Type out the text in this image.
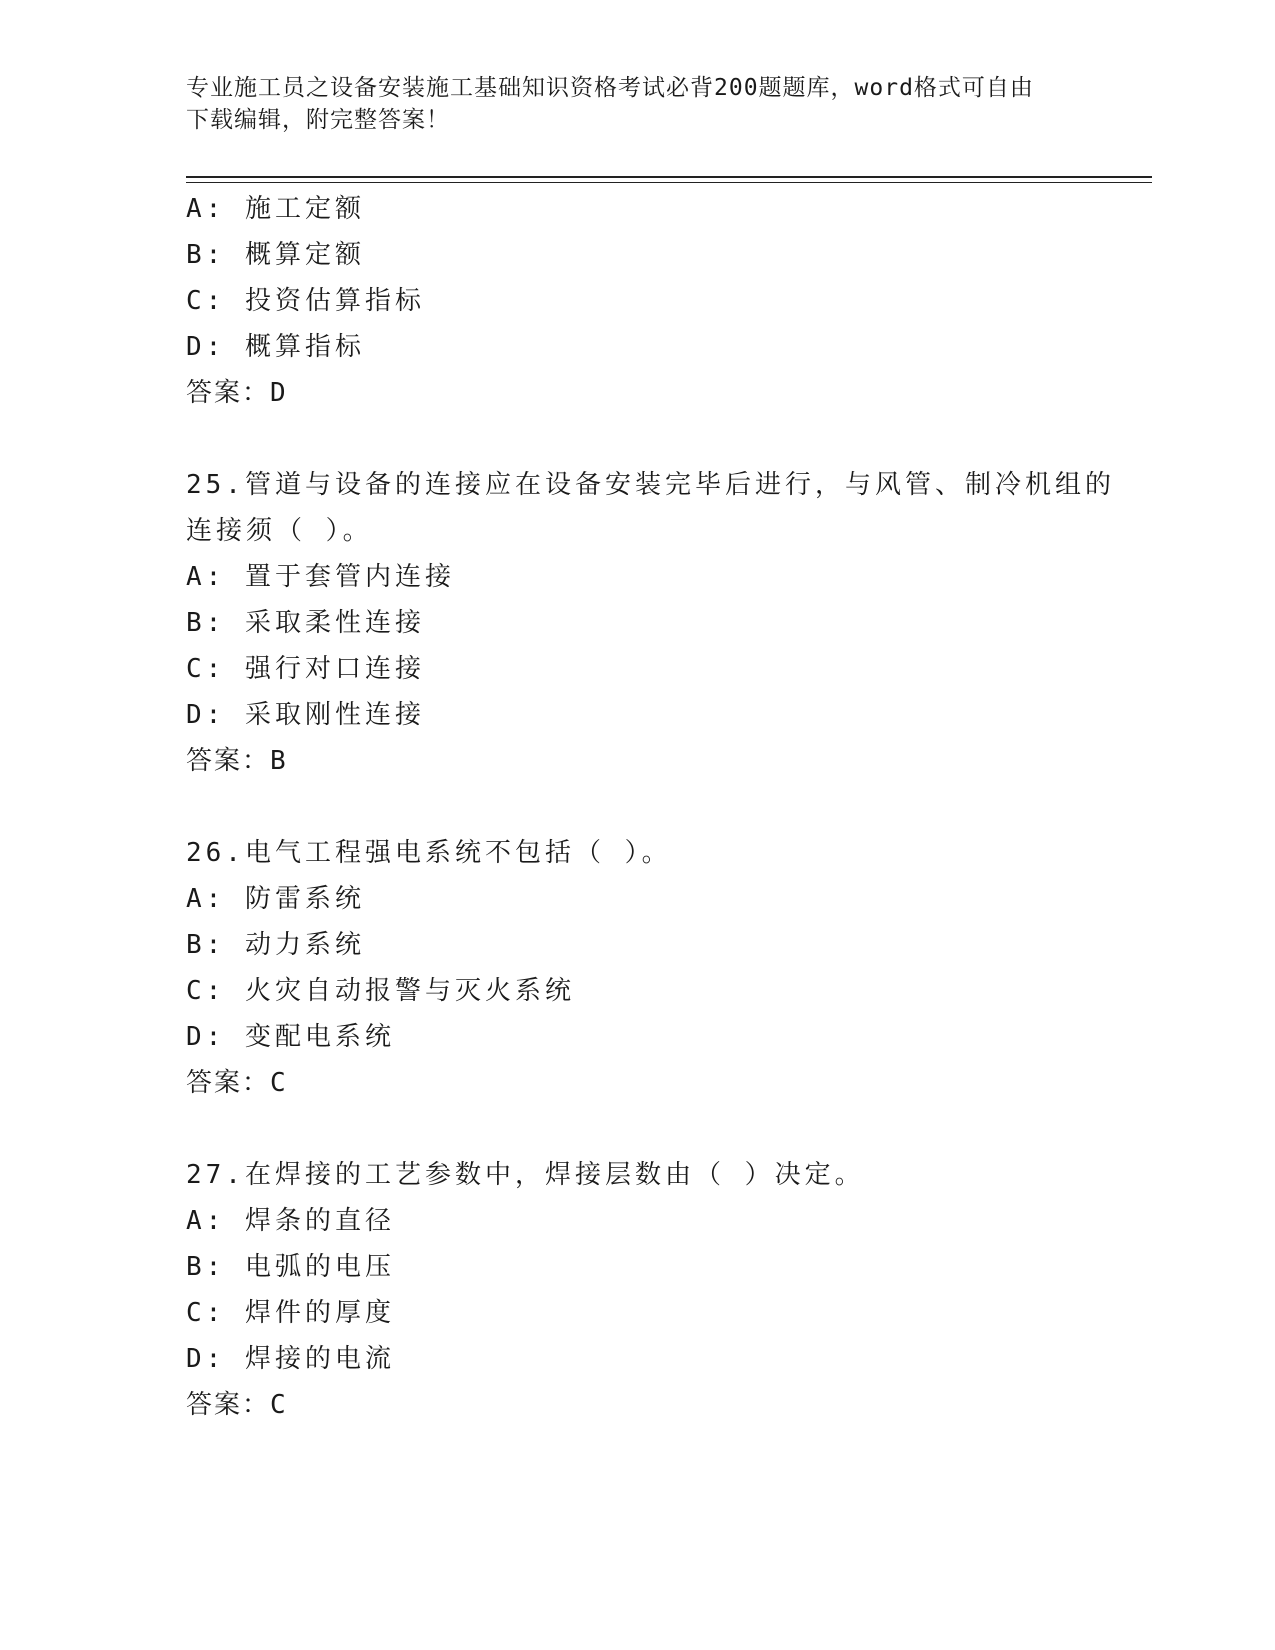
专业施工员之设备安装施工基础知识资格考试必背200题题库，word格式可自由
下载编辑，附完整答案！
A: 施工定额
B: 概算定额
C: 投资估算指标
D: 概算指标
答案：D
25.管道与设备的连接应在设备安装完毕后进行，与风管、制冷机组的
连接须（ ）。
A: 置于套管内连接
B: 采取柔性连接
C: 强行对口连接
D: 采取刚性连接
答案：B
26.电气工程强电系统不包括（ ）。
A: 防雷系统
B: 动力系统
C: 火灾自动报警与灭火系统
D: 变配电系统
答案：C
27.在焊接的工艺参数中，焊接层数由（ ）决定。
A: 焊条的直径
B: 电弧的电压
C: 焊件的厚度
D: 焊接的电流
答案：C
